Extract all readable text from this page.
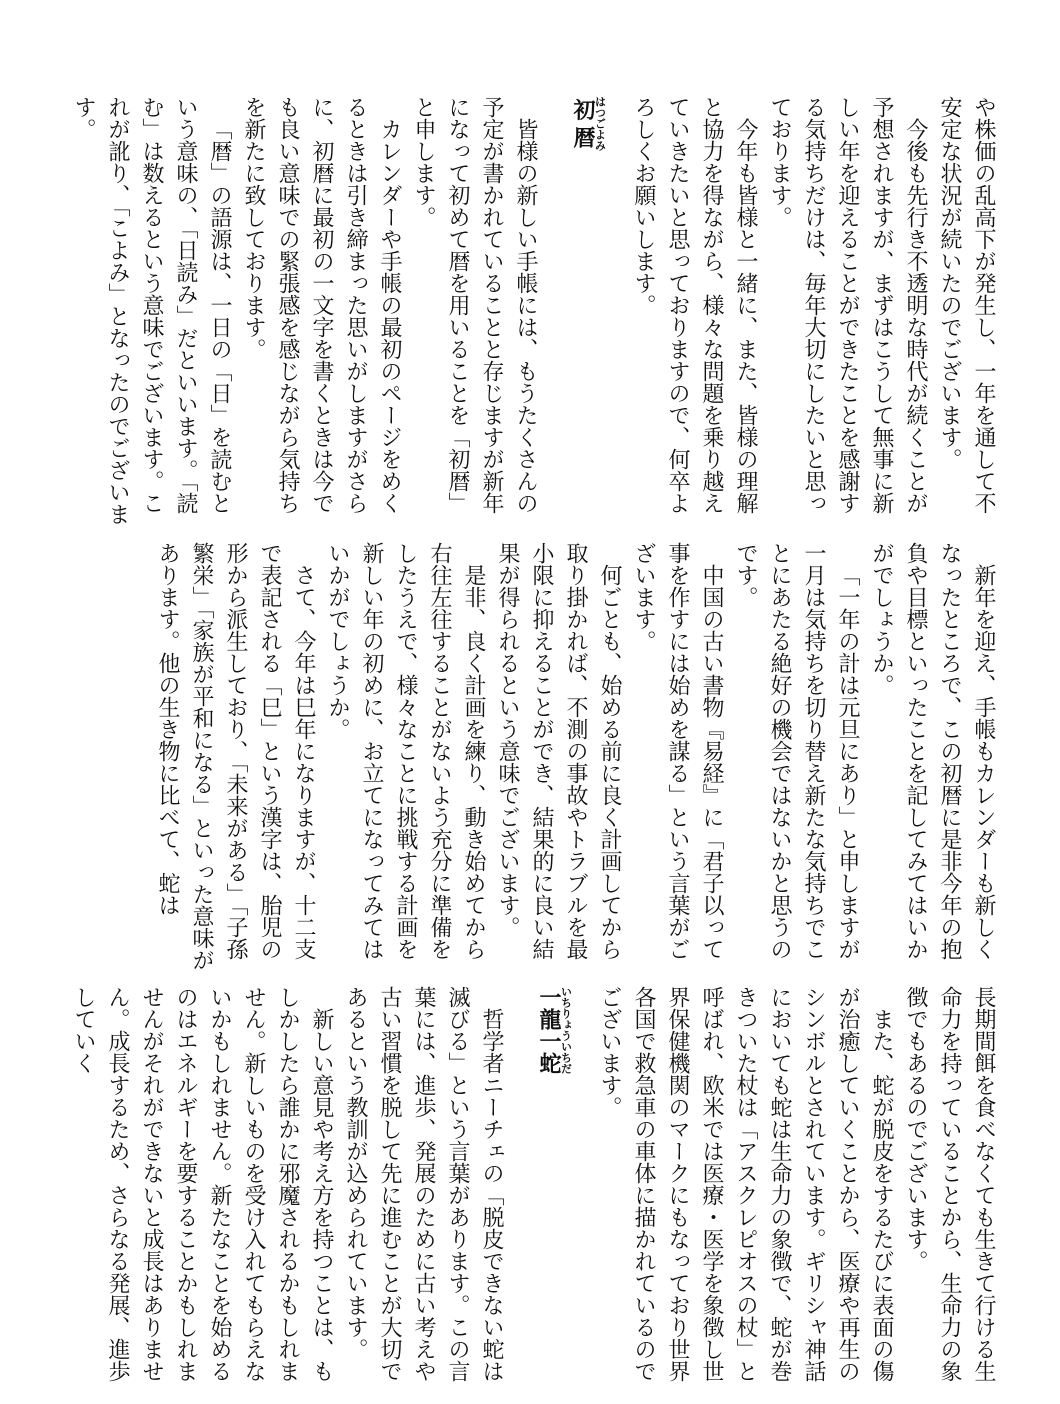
や株価の乱高下が発生し、一年を通して不安定な状況が続いたのでございます。

今後も先行き不透明な時代が続くことが予想されますが、まずはこうして無事に新しい年を迎えることができたことを感謝する気持ちだけは、毎年大切にしたいと思っております。

今年も皆様と一緒に、また、皆様の理解と協力を得ながら、様々な問題を乗り越えていきたいと思っておりますので、何卒よろしくお願いします。

初暦はつごよみ

皆様の新しい手帳には、もうたくさんの予定が書かれていることと存じますが新年になって初めて暦を用いることを「初暦」と申します。

カレンダーや手帳の最初のページをめくるときは引き締まった思いがしますがさらに、初暦に最初の一文字を書くときは今でも良い意味での緊張感を感じながら気持ちを新たに致しております。

「暦」の語源は、一日の「日」を読むという意味の、「日読み」だといいます。「読む」は数えるという意味でございます。これが訛り、「こよみ」となったのでございます。

新年を迎え、手帳もカレンダーも新しくなったところで、この初暦に是非今年の抱負や目標といったことを記してみてはいかがでしょうか。

「一年の計は元旦にあり」と申しますが一月は気持ちを切り替え新たな気持ちでことにあたる絶好の機会ではないかと思うのです。

中国の古い書物『易経』に「君子以って事を作すには始めを謀る」という言葉がございます。

何ごとも、始める前に良く計画してから取り掛かれば、不測の事故やトラブルを最小限に抑えることができ、結果的に良い結果が得られるという意味でございます。

是非、良く計画を練り、動き始めてから右往左往することがないよう充分に準備をしたうえで、様々なことに挑戦する計画を新しい年の初めに、お立てになってみてはいかがでしょうか。

さて、今年は巳年になりますが、十二支で表記される「巳」という漢字は、胎児の形から派生しており、「未来がある」「子孫繁栄」「家族が平和になる」といった意味があります。他の生き物に比べて、蛇は

長期間餌を食べなくても生きて行ける生命力を持っていることから、生命力の象徴でもあるのでございます。

また、蛇が脱皮をするたびに表面の傷が治癒していくことから、医療や再生のシンボルとされています。ギリシャ神話においても蛇は生命力の象徴で、蛇が巻きついた杖は「アスクレピオスの杖」と呼ばれ、欧米では医療・医学を象徴し世界保健機関のマークにもなっており世界各国で救急車の車体に描かれているのでございます。

一龍一蛇いちりょういちだ

哲学者ニーチェの「脱皮できない蛇は滅びる」という言葉があります。この言葉には、進歩、発展のために古い考えや古い習慣を脱して先に進むことが大切であるという教訓が込められています。

新しい意見や考え方を持つことは、もしかしたら誰かに邪魔されるかもしれません。新しいものを受け入れてもらえないかもしれません。新たなことを始めるのはエネルギーを要することかもしれませんがそれができないと成長はありません。成長するため、さらなる発展、進歩していく
